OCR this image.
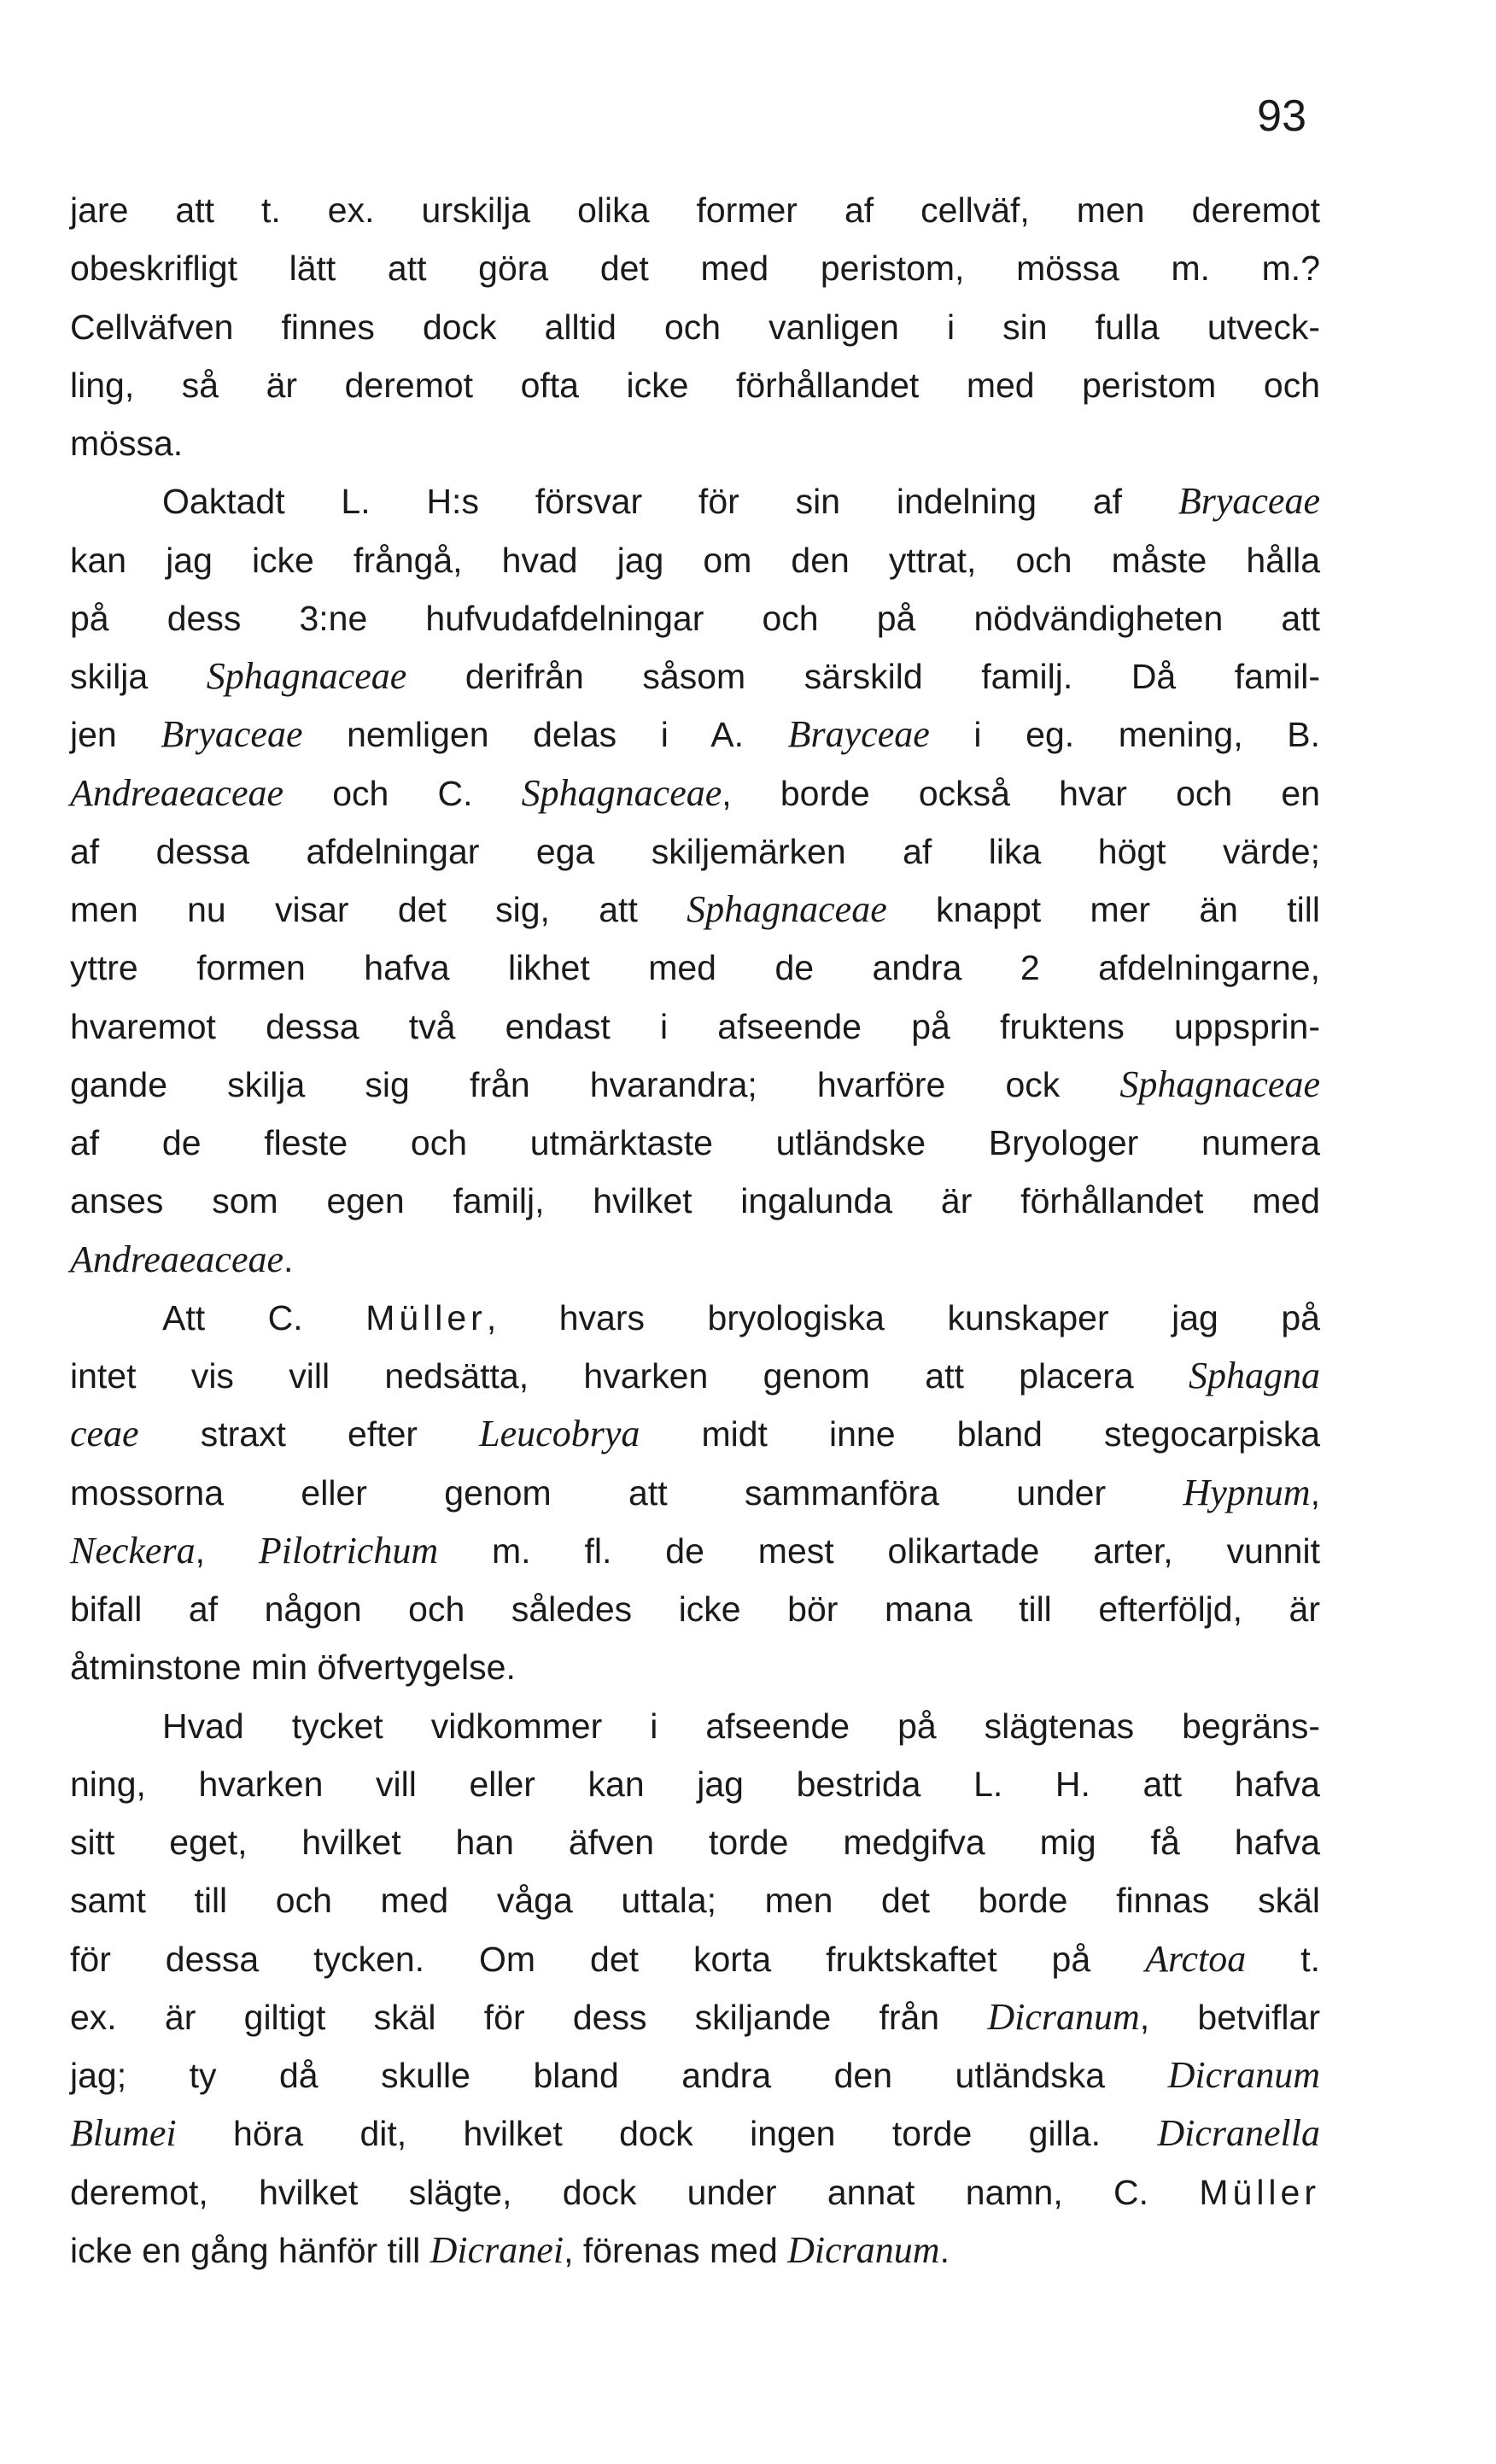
93
jare att t. ex. urskilja olika former af cellväf, men deremot
obeskrifligt lätt att göra det med peristom, mössa m. m.?
Cellväfven finnes dock alltid och vanligen i sin fulla utveck-
ling, så är deremot ofta icke förhållandet med peristom och
mössa.
Oaktadt L. H:s försvar för sin indelning af Bryaceae
kan jag icke frångå, hvad jag om den yttrat, och måste hålla
på dess 3:ne hufvudafdelningar och på nödvändigheten att
skilja Sphagnaceae derifrån såsom särskild familj. Då famil-
jen Bryaceae nemligen delas i A. Brayceae i eg. mening, B.
Andreaeaceae och C. Sphagnaceae, borde också hvar och en
af dessa afdelningar ega skiljemärken af lika högt värde;
men nu visar det sig, att Sphagnaceae knappt mer än till
yttre formen hafva likhet med de andra 2 afdelningarne,
hvaremot dessa två endast i afseende på fruktens uppsprin-
gande skilja sig från hvarandra; hvarföre ock Sphagnaceae
af de fleste och utmärktaste utländske Bryologer numera
anses som egen familj, hvilket ingalunda är förhållandet med
Andreaeaceae.
Att C. Müller, hvars bryologiska kunskaper jag på
intet vis vill nedsätta, hvarken genom att placera Sphagna
ceae straxt efter Leucobrya midt inne bland stegocarpiska
mossorna eller genom att sammanföra under Hypnum,
Neckera, Pilotrichum m. fl. de mest olikartade arter, vunnit
bifall af någon och således icke bör mana till efterföljd, är
åtminstone min öfvertygelse.
Hvad tycket vidkommer i afseende på slägtenas begräns-
ning, hvarken vill eller kan jag bestrida L. H. att hafva
sitt eget, hvilket han äfven torde medgifva mig få hafva
samt till och med våga uttala; men det borde finnas skäl
för dessa tycken. Om det korta fruktskaftet på Arctoa t.
ex. är giltigt skäl för dess skiljande från Dicranum, betviflar
jag; ty då skulle bland andra den utländska Dicranum
Blumei höra dit, hvilket dock ingen torde gilla. Dicranella
deremot, hvilket slägte, dock under annat namn, C. Müller
icke en gång hänför till Dicranei, förenas med Dicranum.
